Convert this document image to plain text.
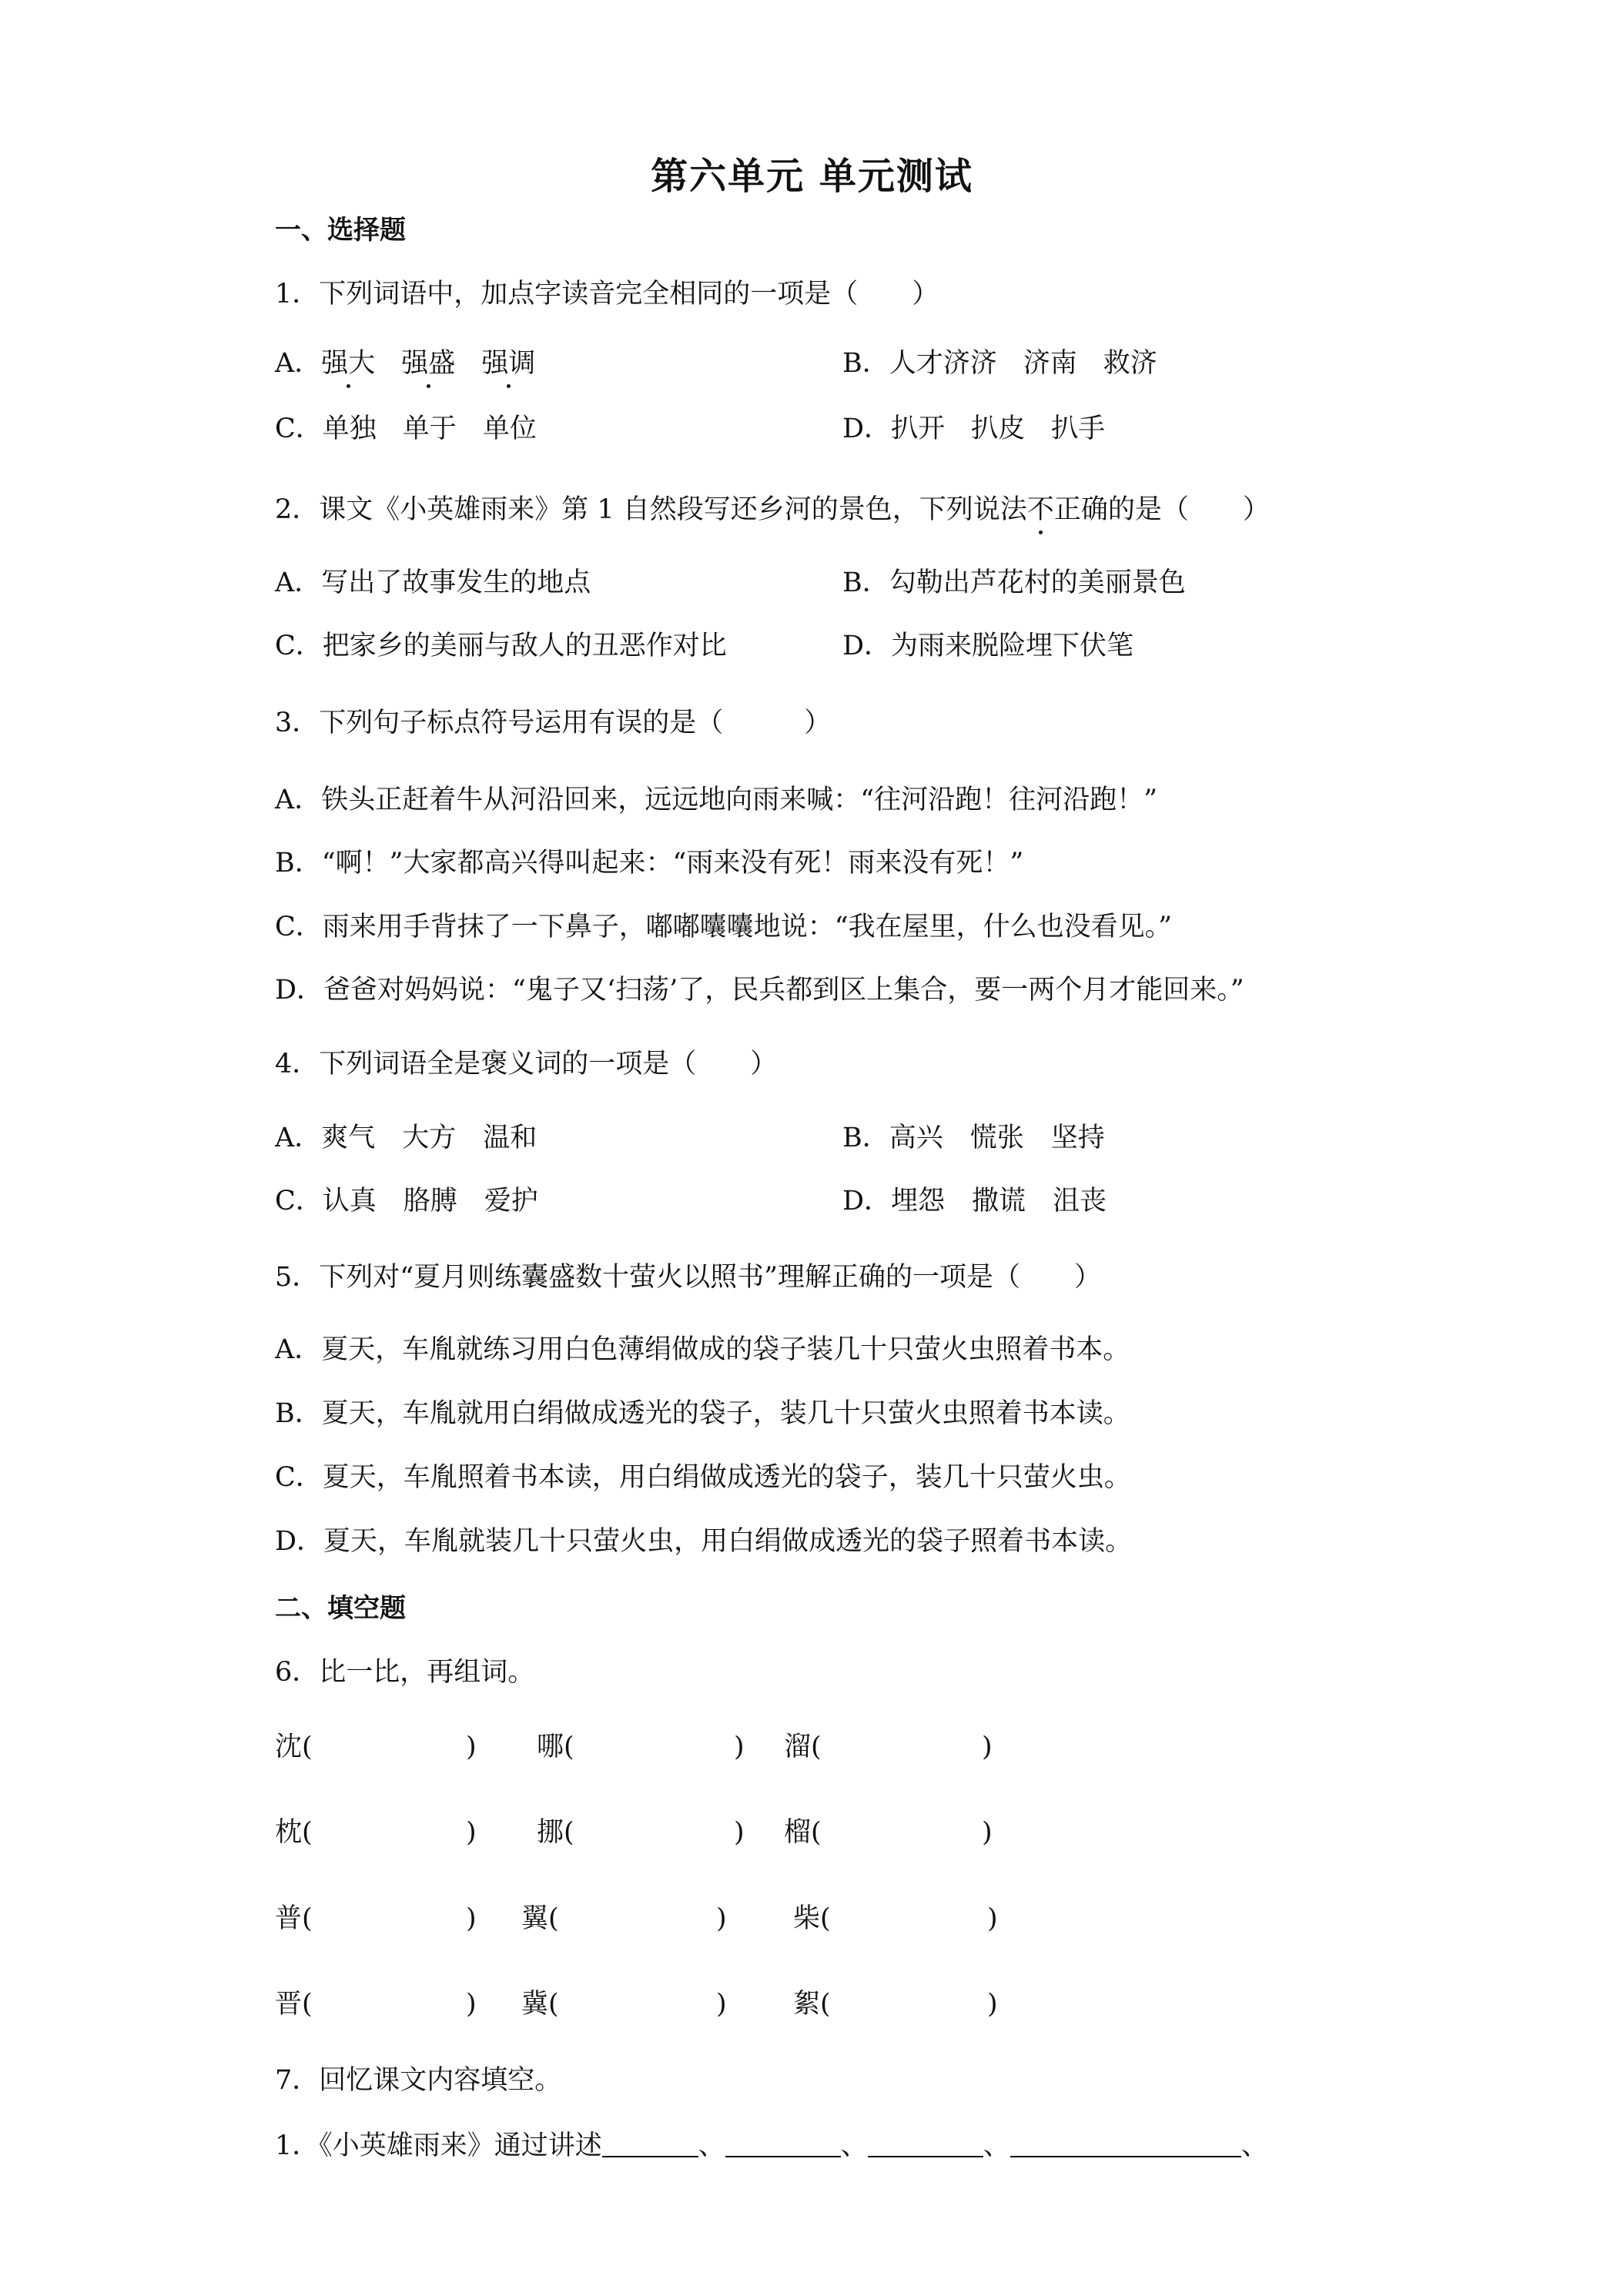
第六单元 单元测试
一、选择题
1．下列词语中，加点字读音完全相同的一项是（　　）
A．强大 强盛 强调	B．人才济济 济南 救济
C．单独 单于 单位	D．扒开 扒皮 扒手
2．课文《小英雄雨来》第 1 自然段写还乡河的景色，下列说法不正确的是（　　）
A．写出了故事发生的地点	B．勾勒出芦花村的美丽景色
C．把家乡的美丽与敌人的丑恶作对比	D．为雨来脱险埋下伏笔
3．下列句子标点符号运用有误的是（　　　）
A．铁头正赶着牛从河沿回来，远远地向雨来喊：“往河沿跑！往河沿跑！”
B．“啊！”大家都高兴得叫起来：“雨来没有死！雨来没有死！”
C．雨来用手背抹了一下鼻子，嘟嘟囔囔地说：“我在屋里，什么也没看见。”
D．爸爸对妈妈说：“鬼子又‘扫荡’了，民兵都到区上集合，要一两个月才能回来。”
4．下列词语全是褒义词的一项是（　　）
A．爽气　大方　温和	B．高兴　慌张　坚持
C．认真　胳膊　爱护	D．埋怨　撒谎　沮丧
5．下列对“夏月则练囊盛数十萤火以照书”理解正确的一项是（　　）
A．夏天，车胤就练习用白色薄绢做成的袋子装几十只萤火虫照着书本。
B．夏天，车胤就用白绢做成透光的袋子，装几十只萤火虫照着书本读。
C．夏天，车胤照着书本读，用白绢做成透光的袋子，装几十只萤火虫。
D．夏天，车胤就装几十只萤火虫，用白绢做成透光的袋子照着书本读。
二、填空题
6．比一比，再组词。
沈(	) 哪(	) 溜(	)
枕(	) 挪(	) 榴(	)
普(	) 翼(	) 柴(	)
晋(	) 冀(	) 絮(	)
7．回忆课文内容填空。
1．《小英雄雨来》通过讲述	、	、	、	、
